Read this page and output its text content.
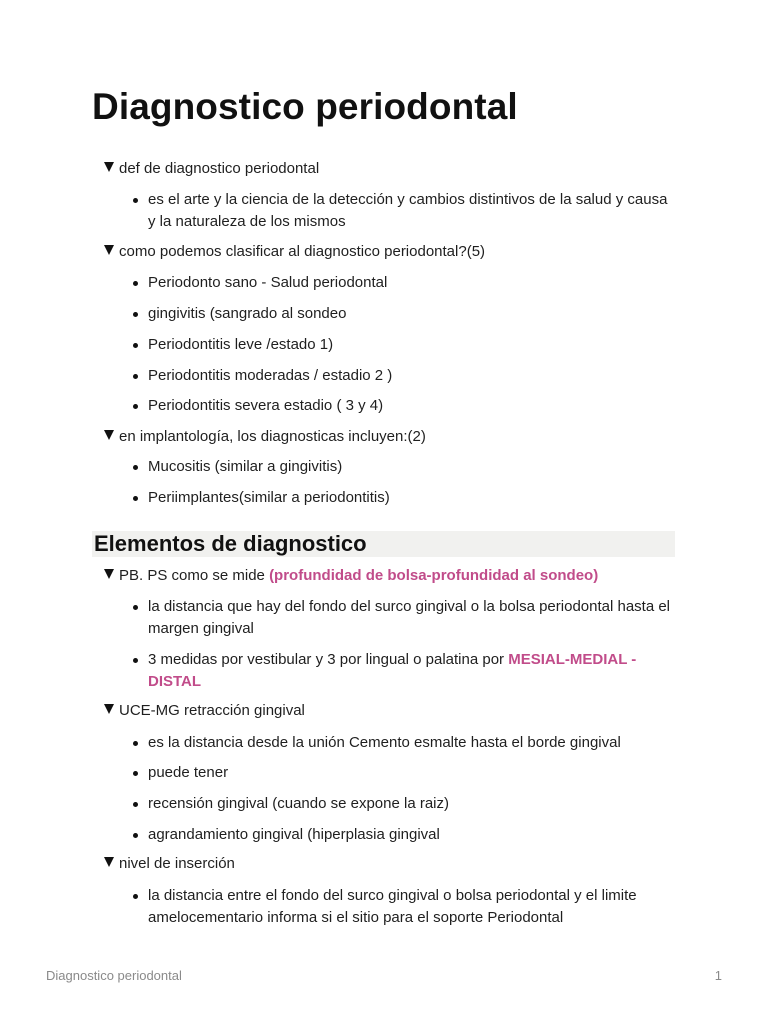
Diagnostico periodontal
def de diagnostico periodontal
es el arte y la ciencia de la detección y cambios distintivos de la salud y causa y la naturaleza de los mismos
como podemos clasificar al diagnostico periodontal?(5)
Periodonto sano - Salud periodontal
gingivitis (sangrado al sondeo
Periodontitis leve /estado 1)
Periodontitis moderadas / estadio 2 )
Periodontitis severa estadio ( 3 y 4)
en implantología, los diagnosticas incluyen:(2)
Mucositis (similar a gingivitis)
Periimplantes(similar a periodontitis)
Elementos de diagnostico
PB. PS como se mide (profundidad de bolsa-profundidad al sondeo)
la distancia que hay del fondo del surco gingival o la bolsa periodontal hasta el margen gingival
3 medidas por vestibular y 3 por lingual o palatina por MESIAL-MEDIAL - DISTAL
UCE-MG retracción gingival
es la distancia desde la unión Cemento esmalte hasta el borde gingival
puede tener
recensión gingival (cuando se expone la raiz)
agrandamiento gingival (hiperplasia gingival
nivel de inserción
la distancia entre el fondo del surco gingival o bolsa periodontal y el limite amelocementario informa si el sitio para el soporte Periodontal
Diagnostico periodontal	1
